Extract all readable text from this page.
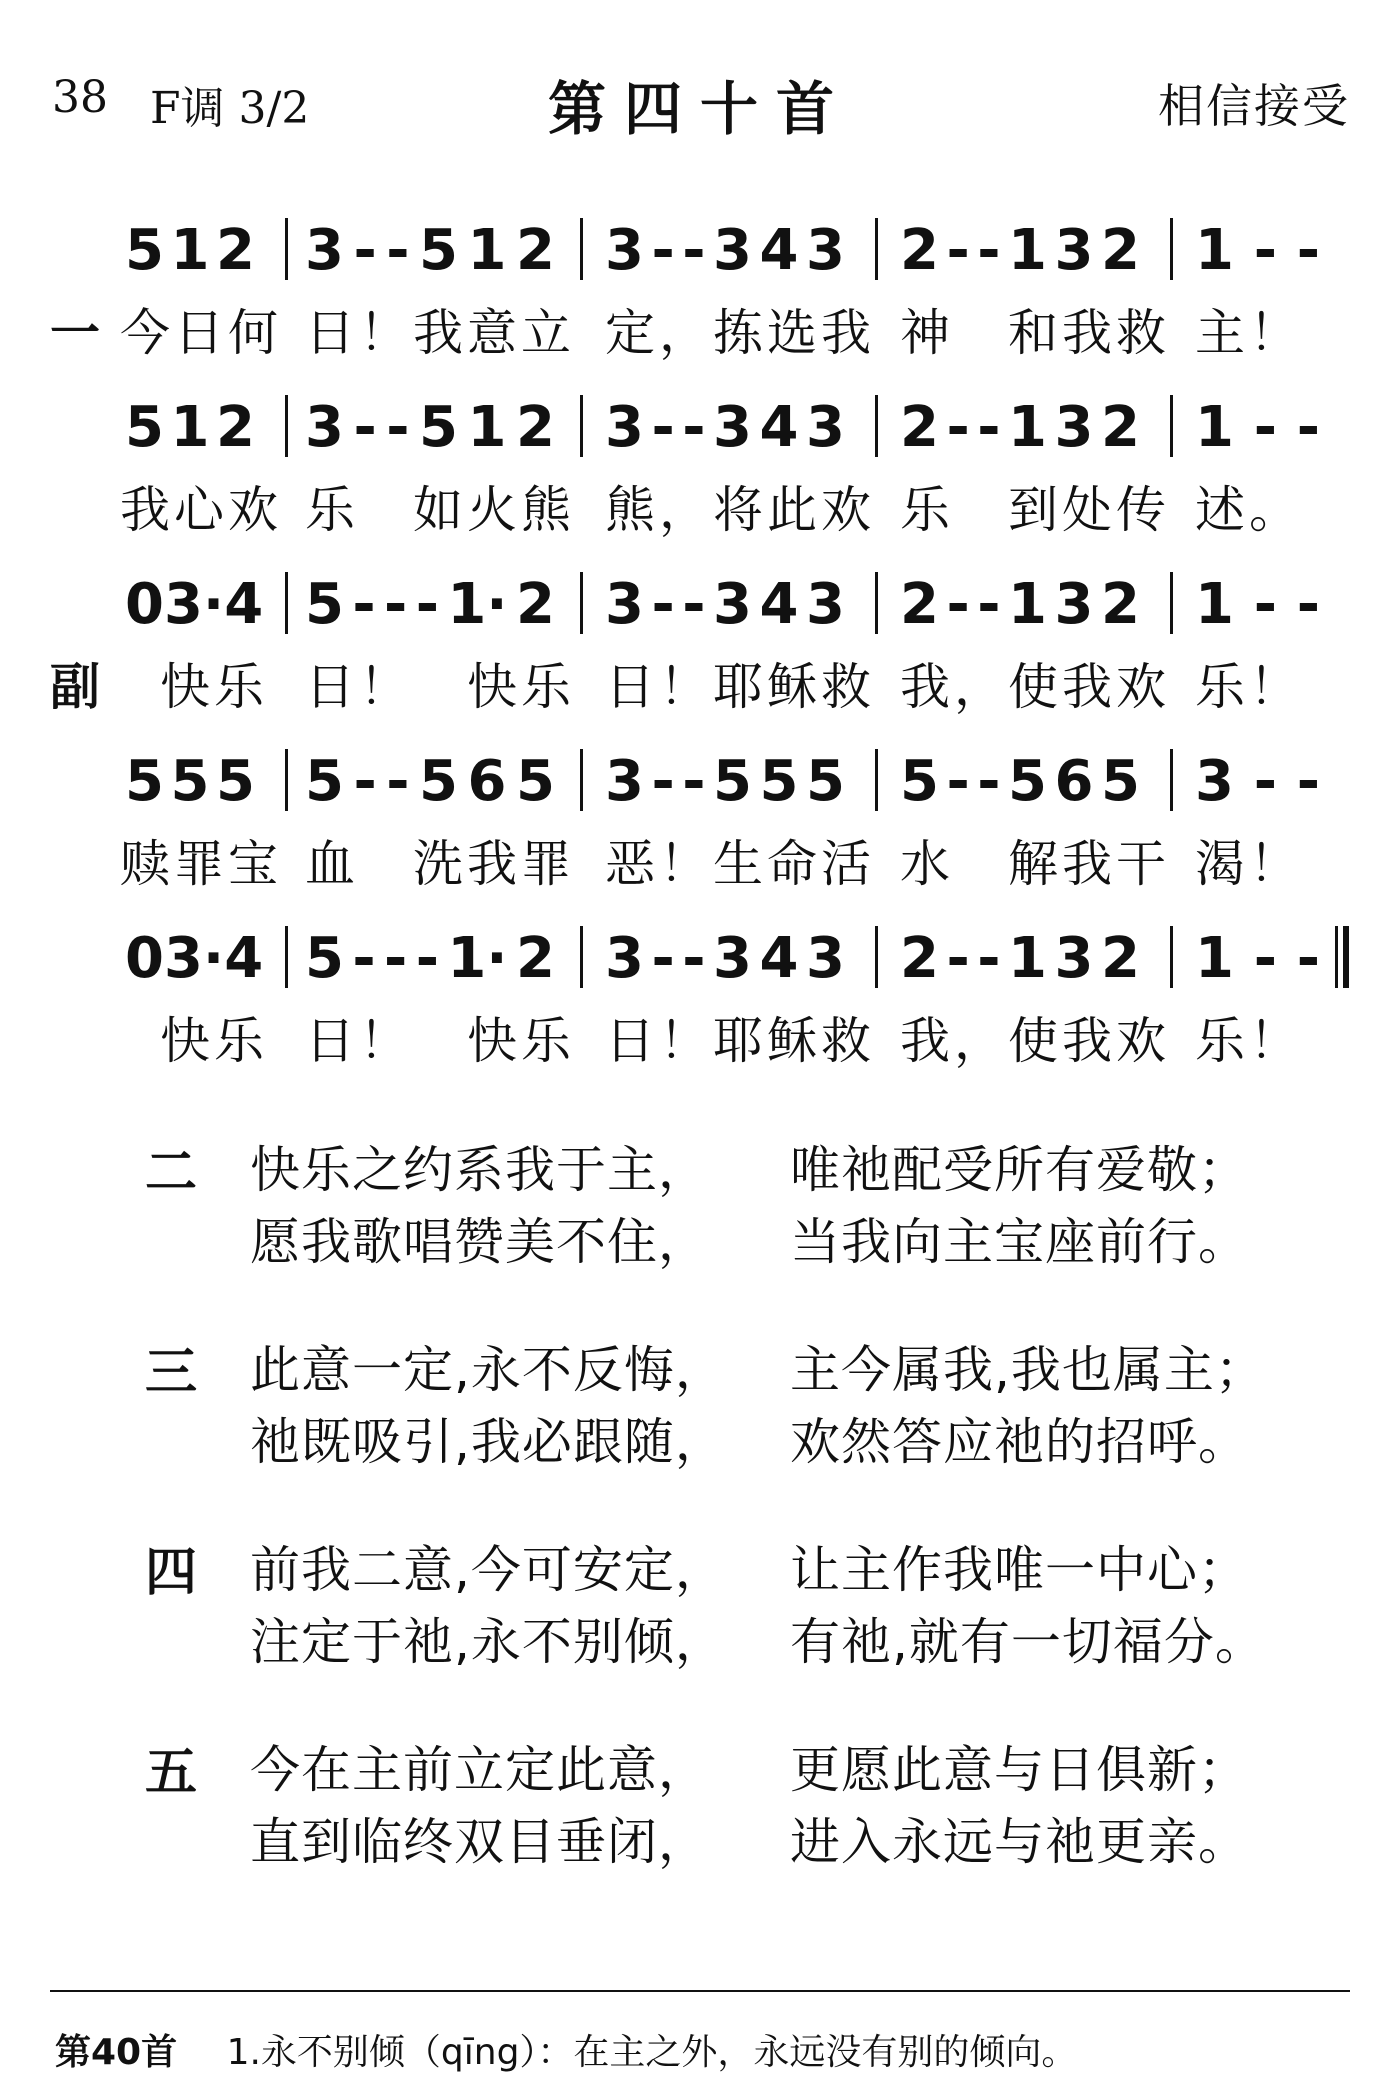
38 F调 3/2	第四十首	相信接受
5 1 2 3 - - 5 1 2 3 - - 3 4 3 2 - - 1 3 2 1 - -
一 今日何 日！我意立 定，拣选我 神　和我救 主！
5 1 2 3 - - 5 1 2 3 - - 3 4 3 2 - - 1 3 2 1 - -
我心欢 乐　如火熊 熊，将此欢 乐　到处传 述。
0 3· 4 5 - - - 1· 2 3 - - 3 4 3 2 - - 1 3 2 1 - -
副 快乐 日！　快乐 日！耶稣救 我，使我欢 乐！
5 5 5 5 - - 5 6 5 3 - - 5 5 5 5 - - 5 6 5 3 - -
赎罪宝 血　洗我罪 恶！生命活 水　解我干 渴！
0 3· 4 5 - - - 1· 2 3 - - 3 4 3 2 - - 1 3 2 1 - -
快乐 日！　快乐 日！耶稣救 我，使我欢 乐！
二 快乐之约系我于主， 唯祂配受所有爱敬；
愿我歌唱赞美不住， 当我向主宝座前行。
三 此意一定,永不反悔， 主今属我,我也属主；
祂既吸引,我必跟随， 欢然答应祂的招呼。
四 前我二意,今可安定， 让主作我唯一中心；
注定于祂,永不别倾， 有祂,就有一切福分。
五 今在主前立定此意， 更愿此意与日俱新；
直到临终双目垂闭， 进入永远与祂更亲。
第40首 1.永不别倾（qīng）：在主之外，永远没有别的倾向。
